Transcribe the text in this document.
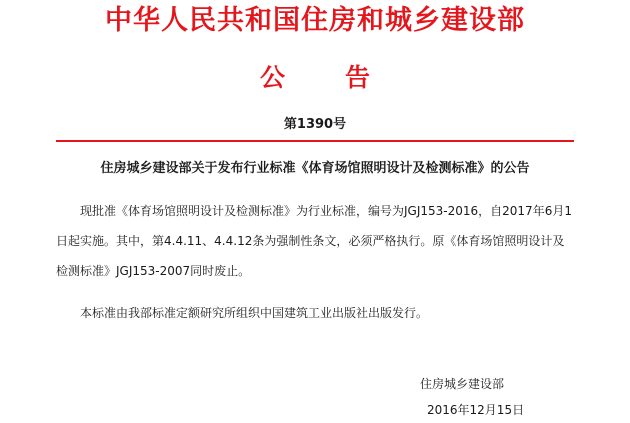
中华人民共和国住房和城乡建设部
公告
第1390号
住房城乡建设部关于发布行业标准《体育场馆照明设计及检测标准》的公告

现批准《体育场馆照明设计及检测标准》为行业标准，编号为JGJ153-2016，自2017年6月1日起实施。其中，第4.4.11、4.4.12条为强制性条文，必须严格执行。原《体育场馆照明设计及检测标准》JGJ153-2007同时废止。

本标准由我部标准定额研究所组织中国建筑工业出版社出版发行。

住房城乡建设部
2016年12月15日
